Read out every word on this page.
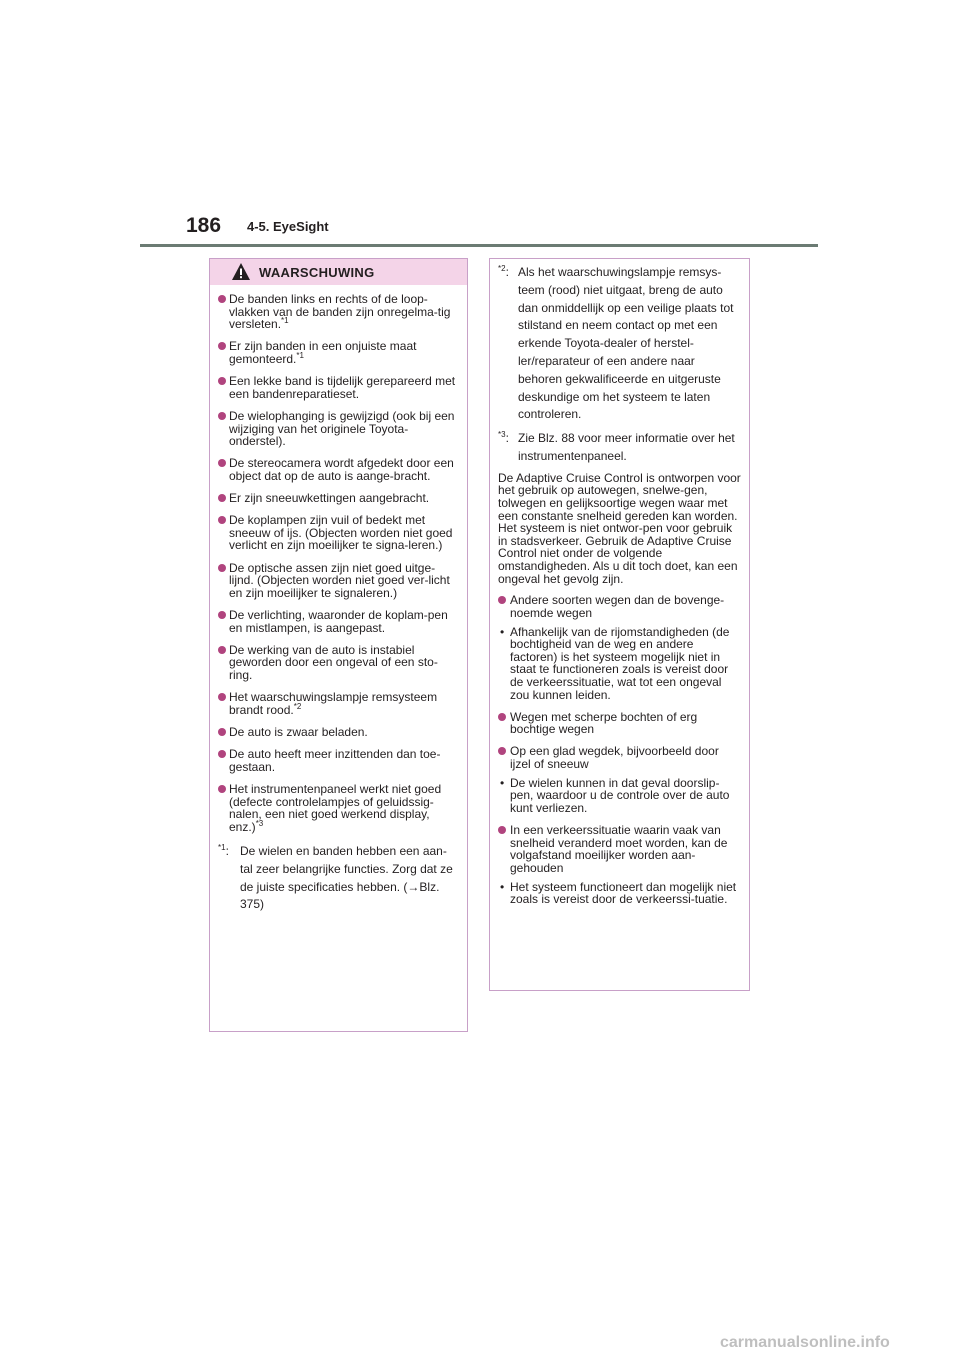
186 4-5. EyeSight
WAARSCHUWING
De banden links en rechts of de loop-vlakken van de banden zijn onregelma-tig versleten.$^{*1}$
Er zijn banden in een onjuiste maat gemonteerd.$^{*1}$
Een lekke band is tijdelijk gerepareerd met een bandenreparatieset.
De wielophanging is gewijzigd (ook bij een wijziging van het originele Toyota-onderstel).
De stereocamera wordt afgedekt door een object dat op de auto is aange-bracht.
Er zijn sneeuwkettingen aangebracht.
De koplampen zijn vuil of bedekt met sneeuw of ijs. (Objecten worden niet goed verlicht en zijn moeilijker te signa-leren.)
De optische assen zijn niet goed uitge-lijnd. (Objecten worden niet goed ver-licht en zijn moeilijker te signaleren.)
De verlichting, waaronder de koplam-pen en mistlampen, is aangepast.
De werking van de auto is instabiel geworden door een ongeval of een sto-ring.
Het waarschuwingslampje remsysteem brandt rood.$^{*2}$
De auto is zwaar beladen.
De auto heeft meer inzittenden dan toe-gestaan.
Het instrumentenpaneel werkt niet goed (defecte controlelampjes of geluidssig-nalen, een niet goed werkend display, enz.)$^{*3}$
$^{*1}$: De wielen en banden hebben een aan-tal zeer belangrijke functies. Zorg dat ze de juiste specificaties hebben. (→Blz. 375)
$^{*2}$: Als het waarschuwingslampje remsys-teem (rood) niet uitgaat, breng de auto dan onmiddellijk op een veilige plaats tot stilstand en neem contact op met een erkende Toyota-dealer of herstel-ler/reparateur of een andere naar behoren gekwalificeerde en uitgeruste deskundige om het systeem te laten controleren.
$^{*3}$: Zie Blz. 88 voor meer informatie over het instrumentenpaneel.

De Adaptive Cruise Control is ontworpen voor het gebruik op autowegen, snelwe-gen, tolwegen en gelijksoortige wegen waar met een constante snelheid gereden kan worden. Het systeem is niet ontwor-pen voor gebruik in stadsverkeer. Gebruik de Adaptive Cruise Control niet onder de volgende omstandigheden. Als u dit toch doet, kan een ongeval het gevolg zijn.

Andere soorten wegen dan de bovenge-noemde wegen
• Afhankelijk van de rijomstandigheden (de bochtigheid van de weg en andere factoren) is het systeem mogelijk niet in staat te functioneren zoals is vereist door de verkeerssituatie, wat tot een ongeval zou kunnen leiden.
Wegen met scherpe bochten of erg bochtige wegen
Op een glad wegdek, bijvoorbeeld door ijzel of sneeuw
• De wielen kunnen in dat geval doorslip-pen, waardoor u de controle over de auto kunt verliezen.
In een verkeerssituatie waarin vaak van snelheid veranderd moet worden, kan de volgafstand moeilijker worden aan-gehouden
• Het systeem functioneert dan mogelijk niet zoals is vereist door de verkeerssi-tuatie.
carmanualsonline.info
